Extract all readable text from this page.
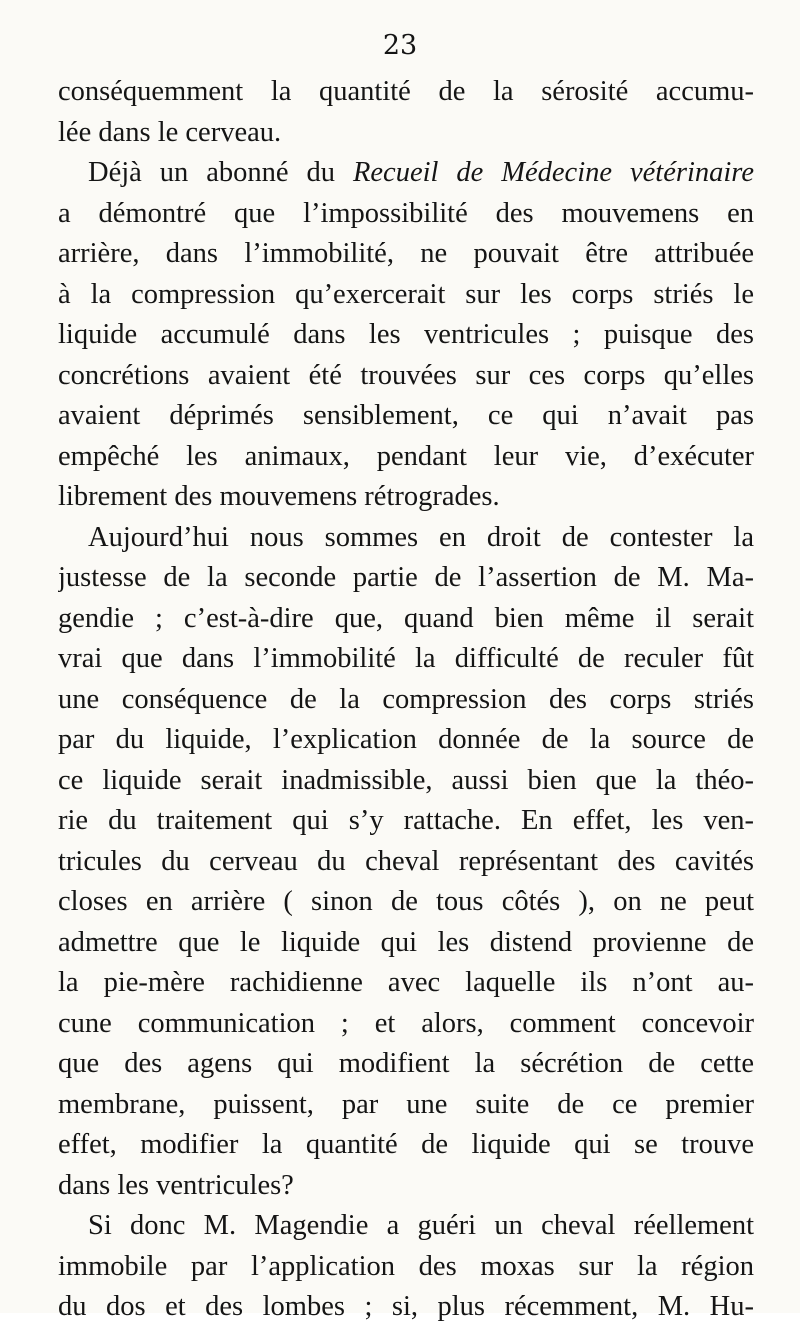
23
conséquemment la quantité de la sérosité accumu-
lée dans le cerveau.
Déjà un abonné du Recueil de Médecine vétérinaire
a démontré que l’impossibilité des mouvemens en
arrière, dans l’immobilité, ne pouvait être attribuée
à la compression qu’exercerait sur les corps striés le
liquide accumulé dans les ventricules ; puisque des
concrétions avaient été trouvées sur ces corps qu’elles
avaient déprimés sensiblement, ce qui n’avait pas
empêché les animaux, pendant leur vie, d’exécuter
librement des mouvemens rétrogrades.
Aujourd’hui nous sommes en droit de contester la
justesse de la seconde partie de l’assertion de M. Ma-
gendie ; c’est-à-dire que, quand bien même il serait
vrai que dans l’immobilité la difficulté de reculer fût
une conséquence de la compression des corps striés
par du liquide, l’explication donnée de la source de
ce liquide serait inadmissible, aussi bien que la théo-
rie du traitement qui s’y rattache. En effet, les ven-
tricules du cerveau du cheval représentant des cavités
closes en arrière ( sinon de tous côtés ), on ne peut
admettre que le liquide qui les distend provienne de
la pie-mère rachidienne avec laquelle ils n’ont au-
cune communication ; et alors, comment concevoir
que des agens qui modifient la sécrétion de cette
membrane, puissent, par une suite de ce premier
effet, modifier la quantité de liquide qui se trouve
dans les ventricules?
Si donc M. Magendie a guéri un cheval réellement
immobile par l’application des moxas sur la région
du dos et des lombes ; si, plus récemment, M. Hu-
